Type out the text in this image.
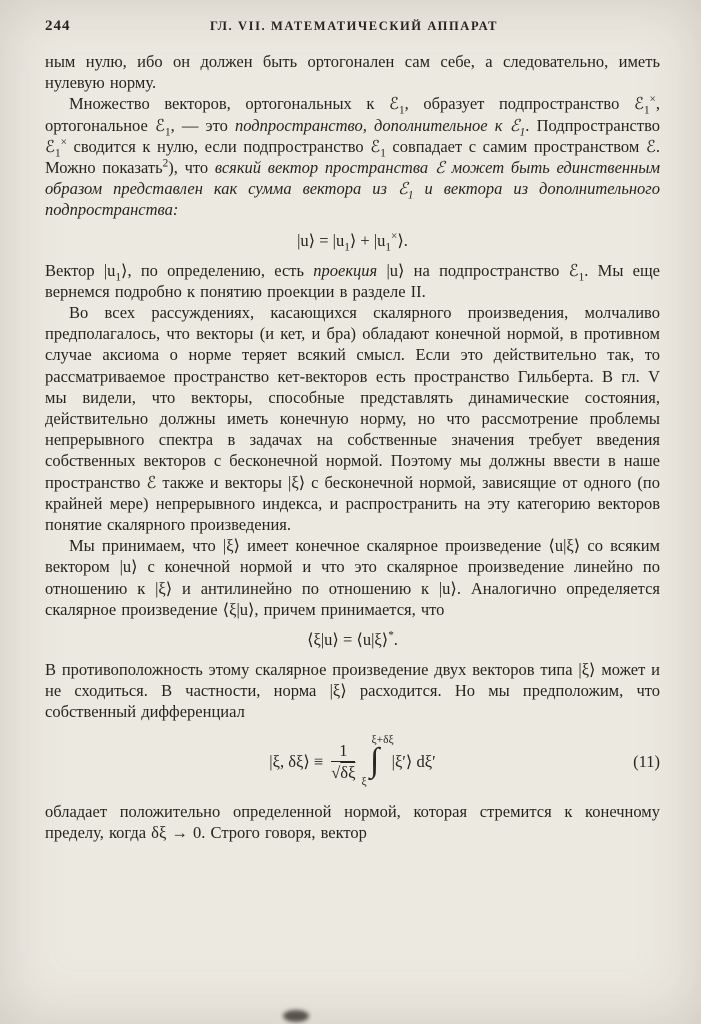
244	ГЛ. VII. МАТЕМАТИЧЕСКИЙ АППАРАТ

ным нулю, ибо он должен быть ортогонален сам себе, а следовательно, иметь нулевую норму.

Множество векторов, ортогональных к ℰ$_1$, образует подпространство ℰ$_1$×, ортогональное ℰ$_1$, — это подпространство, дополнительное к ℰ$_1$. Подпространство ℰ$_1$× сводится к нулю, если подпространство ℰ$_1$ совпадает с самим пространством ℰ. Можно показать$^2$), что всякий вектор пространства ℰ может быть единственным образом представлен как сумма вектора из ℰ$_1$ и вектора из дополнительного подпространства:

|u⟩ = $|u_1⟩$ + $|u_1^\times⟩$.

Вектор $|u_1⟩$, по определению, есть проекция |u⟩ на подпространство ℰ$_1$. Мы еще вернемся подробно к понятию проекции в разделе II.

Во всех рассуждениях, касающихся скалярного произведения, молчаливо предполагалось, что векторы (и кет, и бра) обладают конечной нормой, в противном случае аксиома о норме теряет всякий смысл. Если это действительно так, то рассматриваемое пространство кет-векторов есть пространство Гильберта. В гл. V мы видели, что векторы, способные представлять динамические состояния, действительно должны иметь конечную норму, но что рассмотрение проблемы непрерывного спектра в задачах на собственные значения требует введения собственных векторов с бесконечной нормой. Поэтому мы должны ввести в наше пространство ℰ также и векторы |ξ⟩ с бесконечной нормой, зависящие от одного (по крайней мере) непрерывного индекса, и распространить на эту категорию векторов понятие скалярного произведения.

Мы принимаем, что |ξ⟩ имеет конечное скалярное произведение ⟨u|ξ⟩ со всяким вектором |u⟩ с конечной нормой и что это скалярное произведение линейно по отношению к |ξ⟩ и антилинейно по отношению к |u⟩. Аналогично определяется скалярное произведение ⟨ξ|u⟩, причем принимается, что

⟨ξ|u⟩ = ⟨u|ξ⟩*.

В противоположность этому скалярное произведение двух векторов типа |ξ⟩ может и не сходиться. В частности, норма |ξ⟩ расходится. Но мы предположим, что собственный дифференциал

|ξ, δξ⟩ ≡ $\frac{1}{√\delta\xi}$
ξ+δξ
∫
ξ
|ξ′⟩ dξ′	(11)

обладает положительно определенной нормой, которая стремится к конечному пределу, когда δξ → 0. Строго говоря, вектор
